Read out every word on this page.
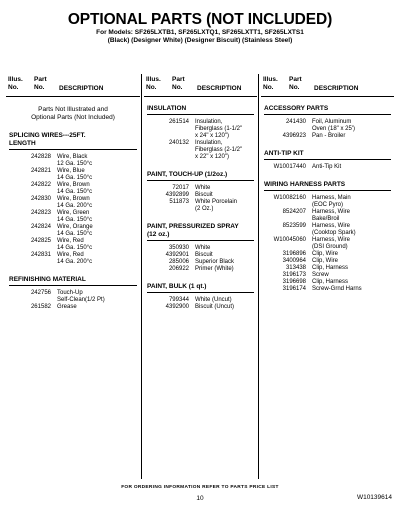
OPTIONAL PARTS (NOT INCLUDED)
For Models: SF265LXTB1, SF265LXTQ1, SF265LXTT1, SF265LXTS1
(Black) (Designer White) (Designer Biscuit) (Stainless Steel)
Illus.
No.
Part
No.	DESCRIPTION
Parts Not Illustrated and
Optional Parts (Not Included)
SPLICING WIRES---25FT.

LENGTH
242828 Wire, Black
12 Ga. 150°c
242821 Wire, Blue
14 Ga. 150°c
242822 Wire, Brown
14 Ga. 150°c
242830 Wire, Brown
14 Ga. 200°c
242823 Wire, Green
14 Ga. 150°c
242824 Wire, Orange
14 Ga. 150°c
242825 Wire, Red
14 Ga. 150°c
242831 Wire, Red
14 Ga. 200°c
REFINISHING MATERIAL
242756 Touch-Up
Self-Clean(1/2 Pt)
261582 Grease
Illus.
No.
Part
No.	DESCRIPTION
INSULATION
261514 Insulation,
Fiberglass (1-1/2"
x 24" x 120")
240132 Insulation,
Fiberglass (2-1/2"
x 22" x 120")
PAINT, TOUCH-UP (1/2oz.)
72017 White
4392899 Biscuit
511873 White Porcelain
(2 Oz.)
PAINT, PRESSURIZED SPRAY

(12 oz.)
350930 White
4392901 Biscuit
285006 Superior Black
206922 Primer (White)
PAINT, BULK (1 qt.)
799344 White (Uncut)
4392900 Biscuit (Uncut)
Illus.
No.
Part
No.	DESCRIPTION
ACCESSORY PARTS
241430 Foil, Aluminum
Oven (18" x 25')
4396923 Pan - Broiler
ANTI-TIP KIT
W10017440 Anti-Tip Kit
WIRING HARNESS PARTS
W10082160 Harness, Main
(EOC Pyro)
8524207 Harness, Wire
Bake/Broil
8523599 Harness, Wire
(Cooktop Spark)
W10045060 Harness, Wire
(DSI Ground)
3196896 Clip, Wire
3400964 Clip, Wire
313438 Clip, Harness
3196173 Screw
3196698 Clip, Harness
3196174 Screw-Grnd Harns
FOR ORDERING INFORMATION REFER TO PARTS PRICE LIST
10	W10139614
